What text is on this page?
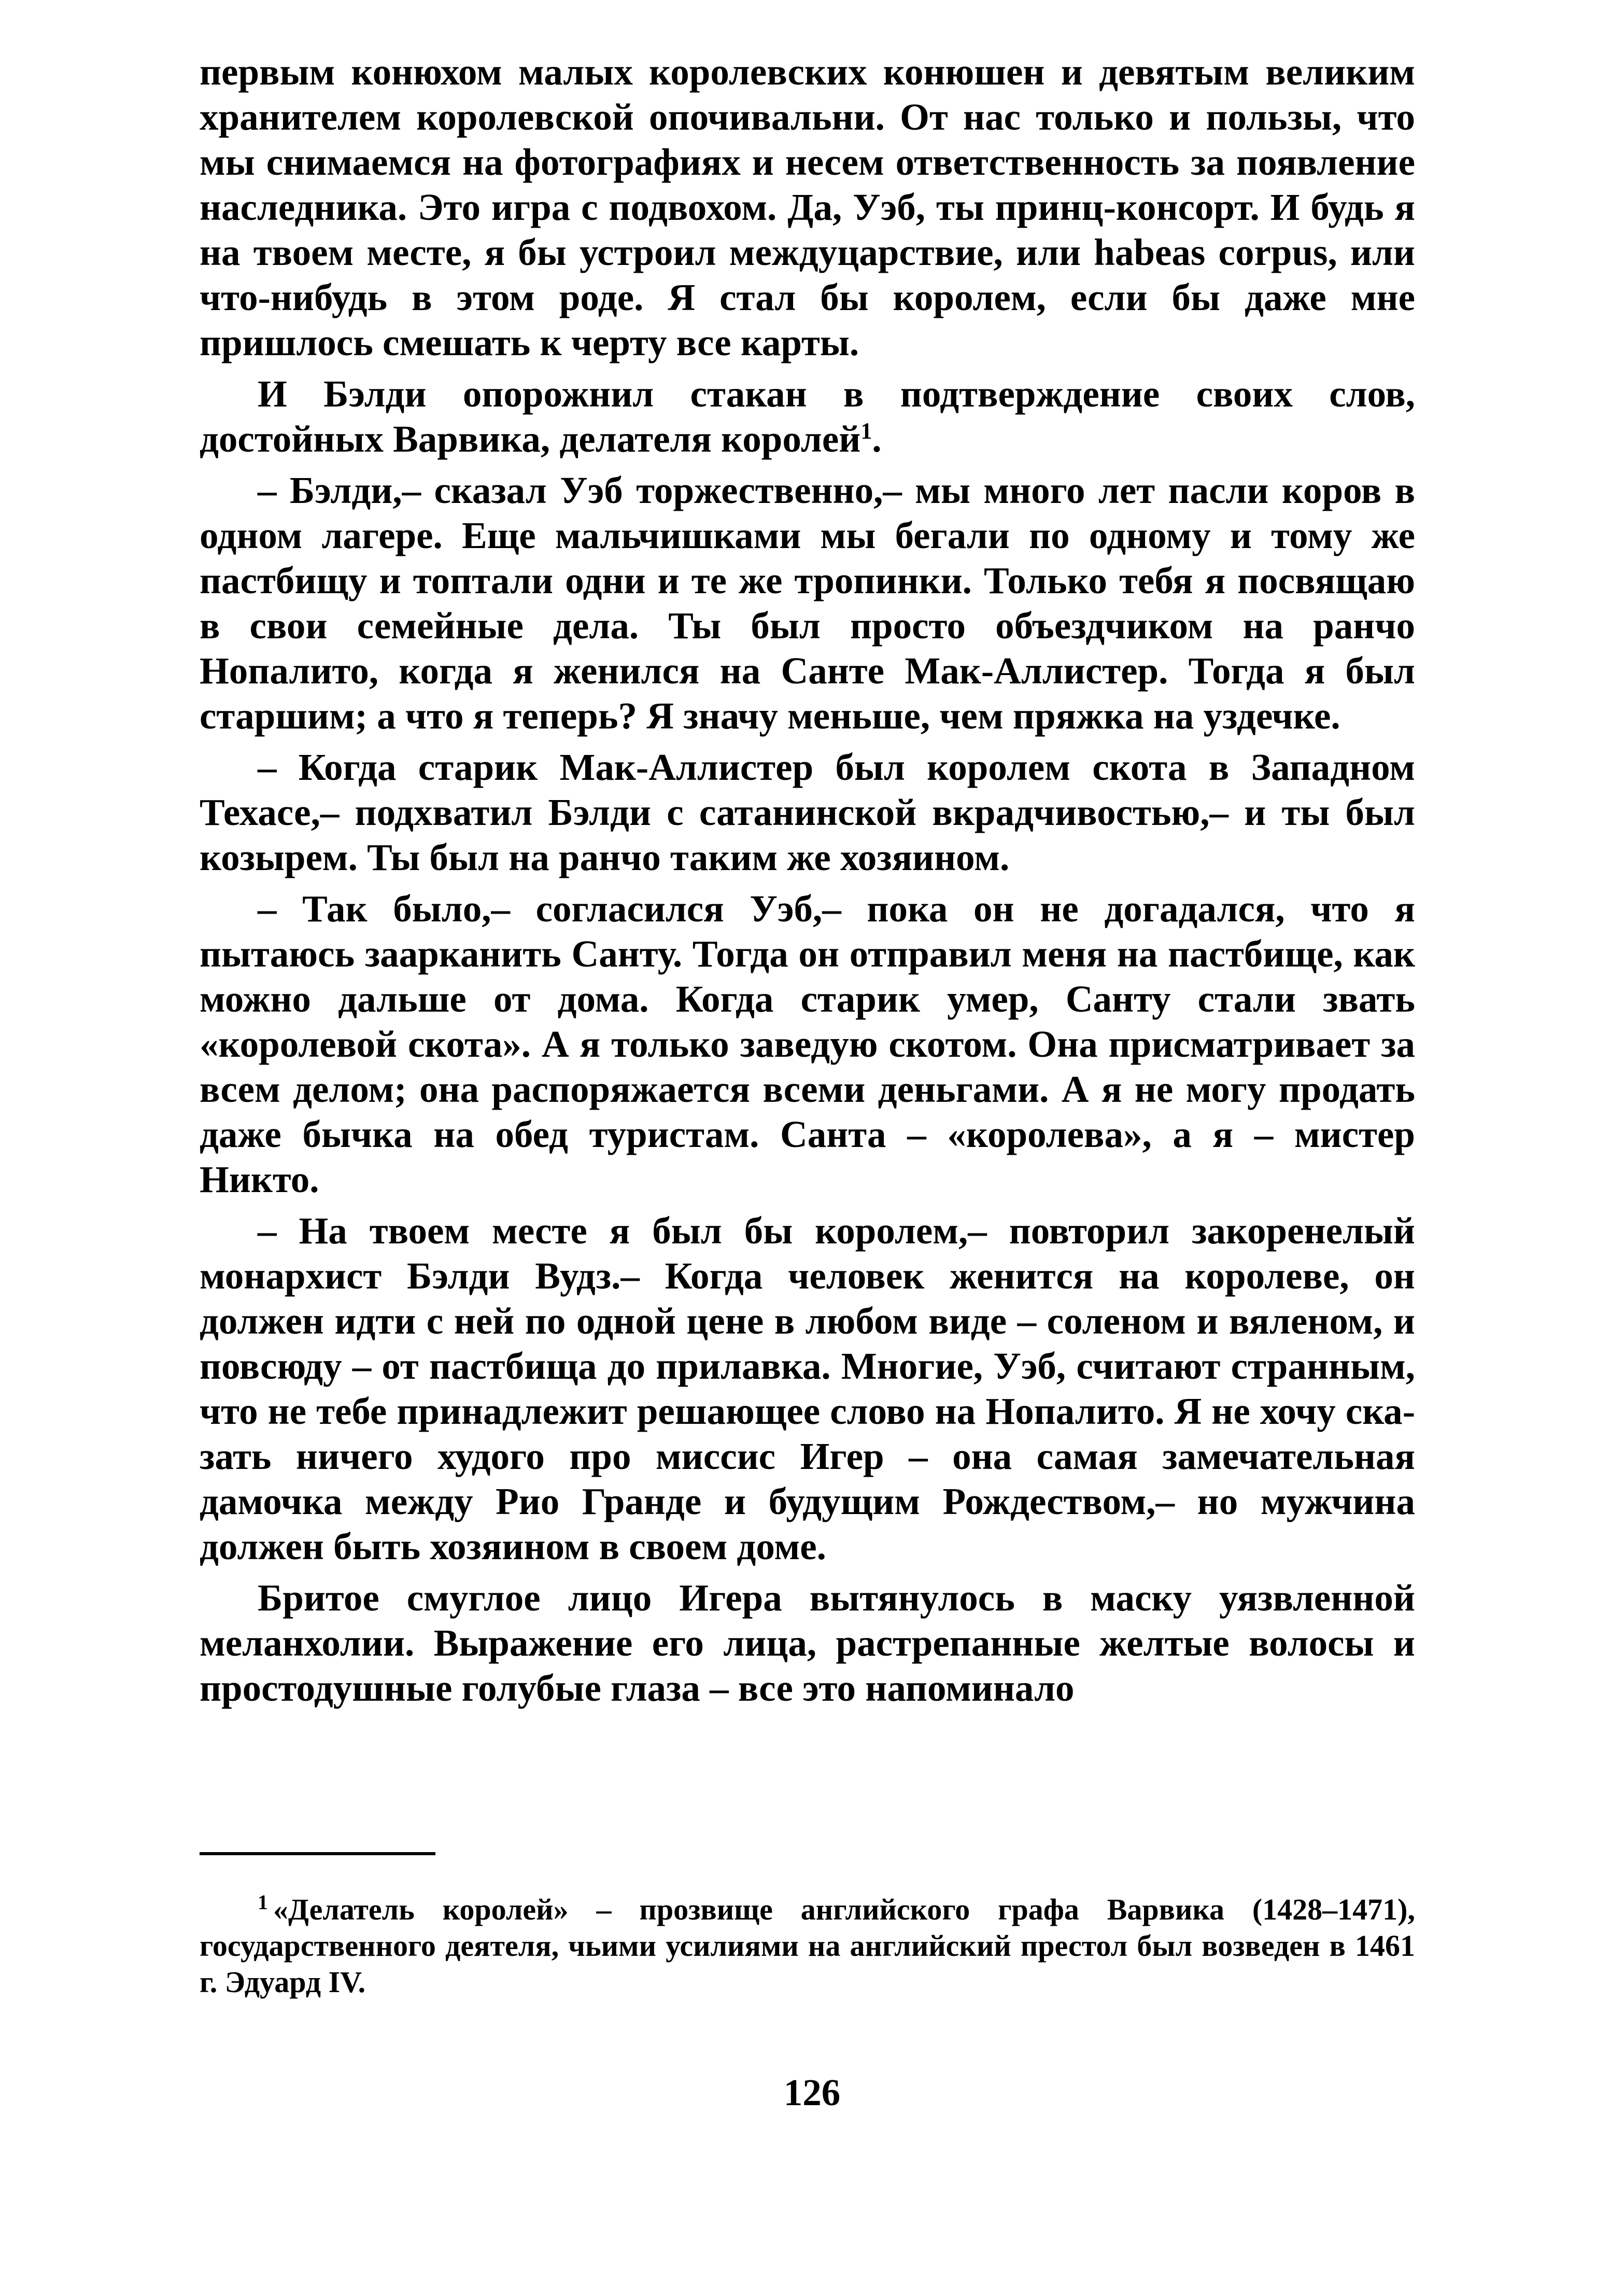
первым конюхом малых королевских конюшен и девятым великим хранителем королевской опочивальни. От нас только и пользы, что мы снимаемся на фотографиях и несем ответственность за появление наследника. Это игра с подвохом. Да, Уэб, ты принц-консорт. И будь я на твоем месте, я бы устроил междуцарствие, или habeas corpus, или что-нибудь в этом роде. Я стал бы королем, если бы даже мне пришлось смешать к черту все карты.

И Бэлди опорожнил стакан в подтверждение своих слов, достойных Варвика, делателя королей$^1$.

– Бэлди,– сказал Уэб торжественно,– мы много лет пасли коров в одном лагере. Еще мальчишками мы бегали по одному и тому же пастбищу и топтали одни и те же тропинки. Только тебя я посвящаю в свои семейные дела. Ты был просто объездчиком на ранчо Нопалито, когда я женился на Санте Мак-Аллистер. Тогда я был старшим; а что я теперь? Я значу меньше, чем пряжка на уздечке.

– Когда старик Мак-Аллистер был королем скота в Западном Техасе,– подхватил Бэлди с сатанинской вкрадчивостью,– и ты был козырем. Ты был на ранчо таким же хозяином.

– Так было,– согласился Уэб,– пока он не догадался, что я пытаюсь заарканить Санту. Тогда он отправил меня на пастбище, как можно дальше от дома. Когда старик умер, Санту стали звать «королевой скота». А я только заведую скотом. Она присматривает за всем делом; она распоряжается всеми деньгами. А я не могу продать даже бычка на обед туристам. Санта – «королева», а я – мистер Никто.

– На твоем месте я был бы королем,– повторил закоренелый монархист Бэлди Вудз.– Когда человек женится на королеве, он должен идти с ней по одной цене в любом виде – соленом и вяленом, и повсюду – от пастбища до прилавка. Многие, Уэб, считают странным, что не тебе принадлежит решающее слово на Нопалито. Я не хочу сказать ничего худого про миссис Игер – она самая замечательная дамочка между Рио Гранде и будущим Рождеством,– но мужчина должен быть хозяином в своем доме.

Бритое смуглое лицо Игера вытянулось в маску уязвленной меланхолии. Выражение его лица, растрепанные желтые волосы и простодушные голубые глаза – все это напоминало

$^1$ «Делатель королей» – прозвище английского графа Варвика (1428–1471), государственного деятеля, чьими усилиями на английский престол был возведен в 1461 г. Эдуард IV.

126
